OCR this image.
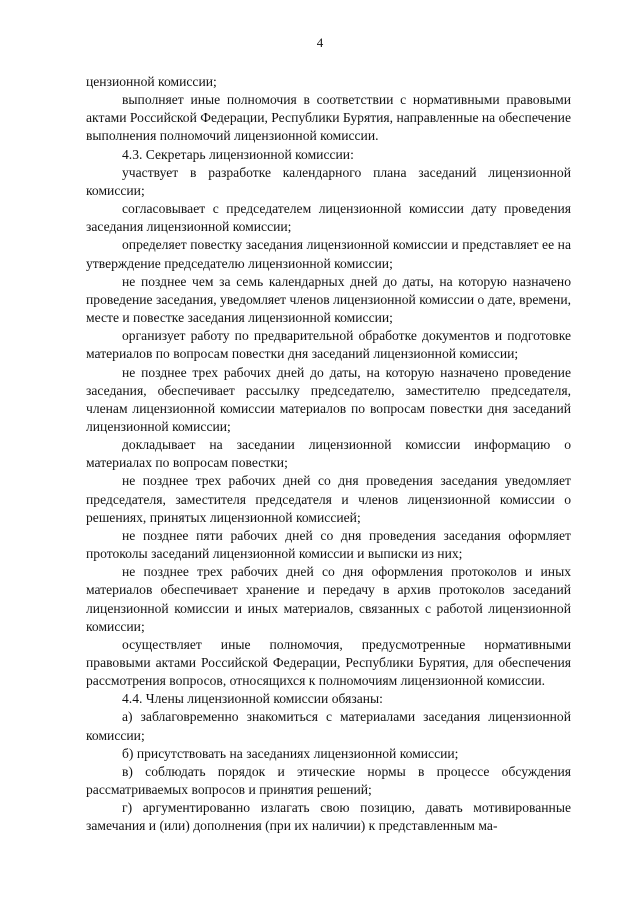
4

цензионной комиссии;

выполняет иные полномочия в соответствии с нормативными правовыми актами Российской Федерации, Республики Бурятия, направленные на обеспечение выполнения полномочий лицензионной комиссии.

4.3. Секретарь лицензионной комиссии:

участвует в разработке календарного плана заседаний лицензионной комиссии;

согласовывает с председателем лицензионной комиссии дату проведения заседания лицензионной комиссии;

определяет повестку заседания лицензионной комиссии и представляет ее на утверждение председателю лицензионной комиссии;

не позднее чем за семь календарных дней до даты, на которую назначено проведение заседания, уведомляет членов лицензионной комиссии о дате, времени, месте и повестке заседания лицензионной комиссии;

организует работу по предварительной обработке документов и подготовке материалов по вопросам повестки дня заседаний лицензионной комиссии;

не позднее трех рабочих дней до даты, на которую назначено проведение заседания, обеспечивает рассылку председателю, заместителю председателя, членам лицензионной комиссии материалов по вопросам повестки дня заседаний лицензионной комиссии;

докладывает на заседании лицензионной комиссии информацию о материалах по вопросам повестки;

не позднее трех рабочих дней со дня проведения заседания уведомляет председателя, заместителя председателя и членов лицензионной комиссии о решениях, принятых лицензионной комиссией;

не позднее пяти рабочих дней со дня проведения заседания оформляет протоколы заседаний лицензионной комиссии и выписки из них;

не позднее трех рабочих дней со дня оформления протоколов и иных материалов обеспечивает хранение и передачу в архив протоколов заседаний лицензионной комиссии и иных материалов, связанных с работой лицензионной комиссии;

осуществляет иные полномочия, предусмотренные нормативными правовыми актами Российской Федерации, Республики Бурятия, для обеспечения рассмотрения вопросов, относящихся к полномочиям лицензионной комиссии.

4.4. Члены лицензионной комиссии обязаны:

а) заблаговременно знакомиться с материалами заседания лицензионной комиссии;

б) присутствовать на заседаниях лицензионной комиссии;

в) соблюдать порядок и этические нормы в процессе обсуждения рассматриваемых вопросов и принятия решений;

г) аргументированно излагать свою позицию, давать мотивированные замечания и (или) дополнения (при их наличии) к представленным ма-
